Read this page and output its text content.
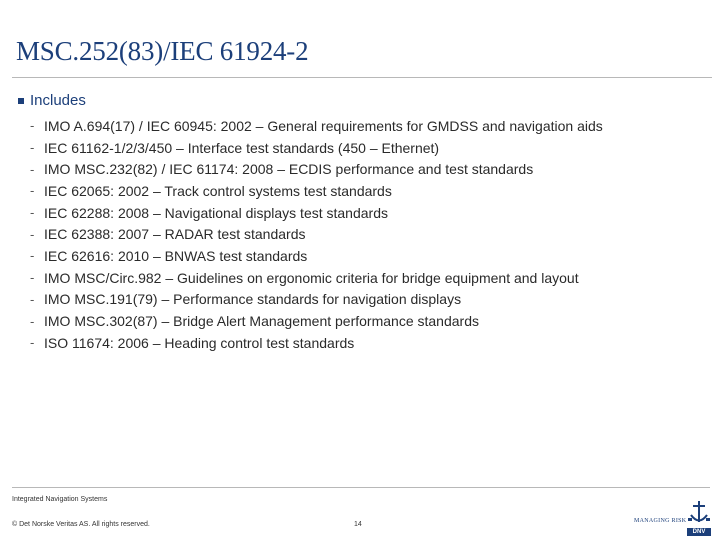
MSC.252(83)/IEC 61924-2
Includes
- IMO A.694(17) / IEC 60945: 2002 – General requirements for GMDSS and navigation aids
- IEC 61162-1/2/3/450 – Interface test standards (450 – Ethernet)
- IMO MSC.232(82) / IEC 61174: 2008 – ECDIS performance and test standards
- IEC 62065: 2002 – Track control systems test standards
- IEC 62288: 2008 – Navigational displays test standards
- IEC 62388: 2007 – RADAR test standards
- IEC 62616: 2010 – BNWAS test standards
- IMO MSC/Circ.982 – Guidelines on ergonomic criteria for bridge equipment and layout
- IMO MSC.191(79) – Performance standards for navigation displays
- IMO MSC.302(87) – Bridge Alert Management performance standards
- ISO 11674: 2006 – Heading control test standards
Integrated Navigation Systems
© Det Norske Veritas AS. All rights reserved.	14	MANAGING RISK
DNV
